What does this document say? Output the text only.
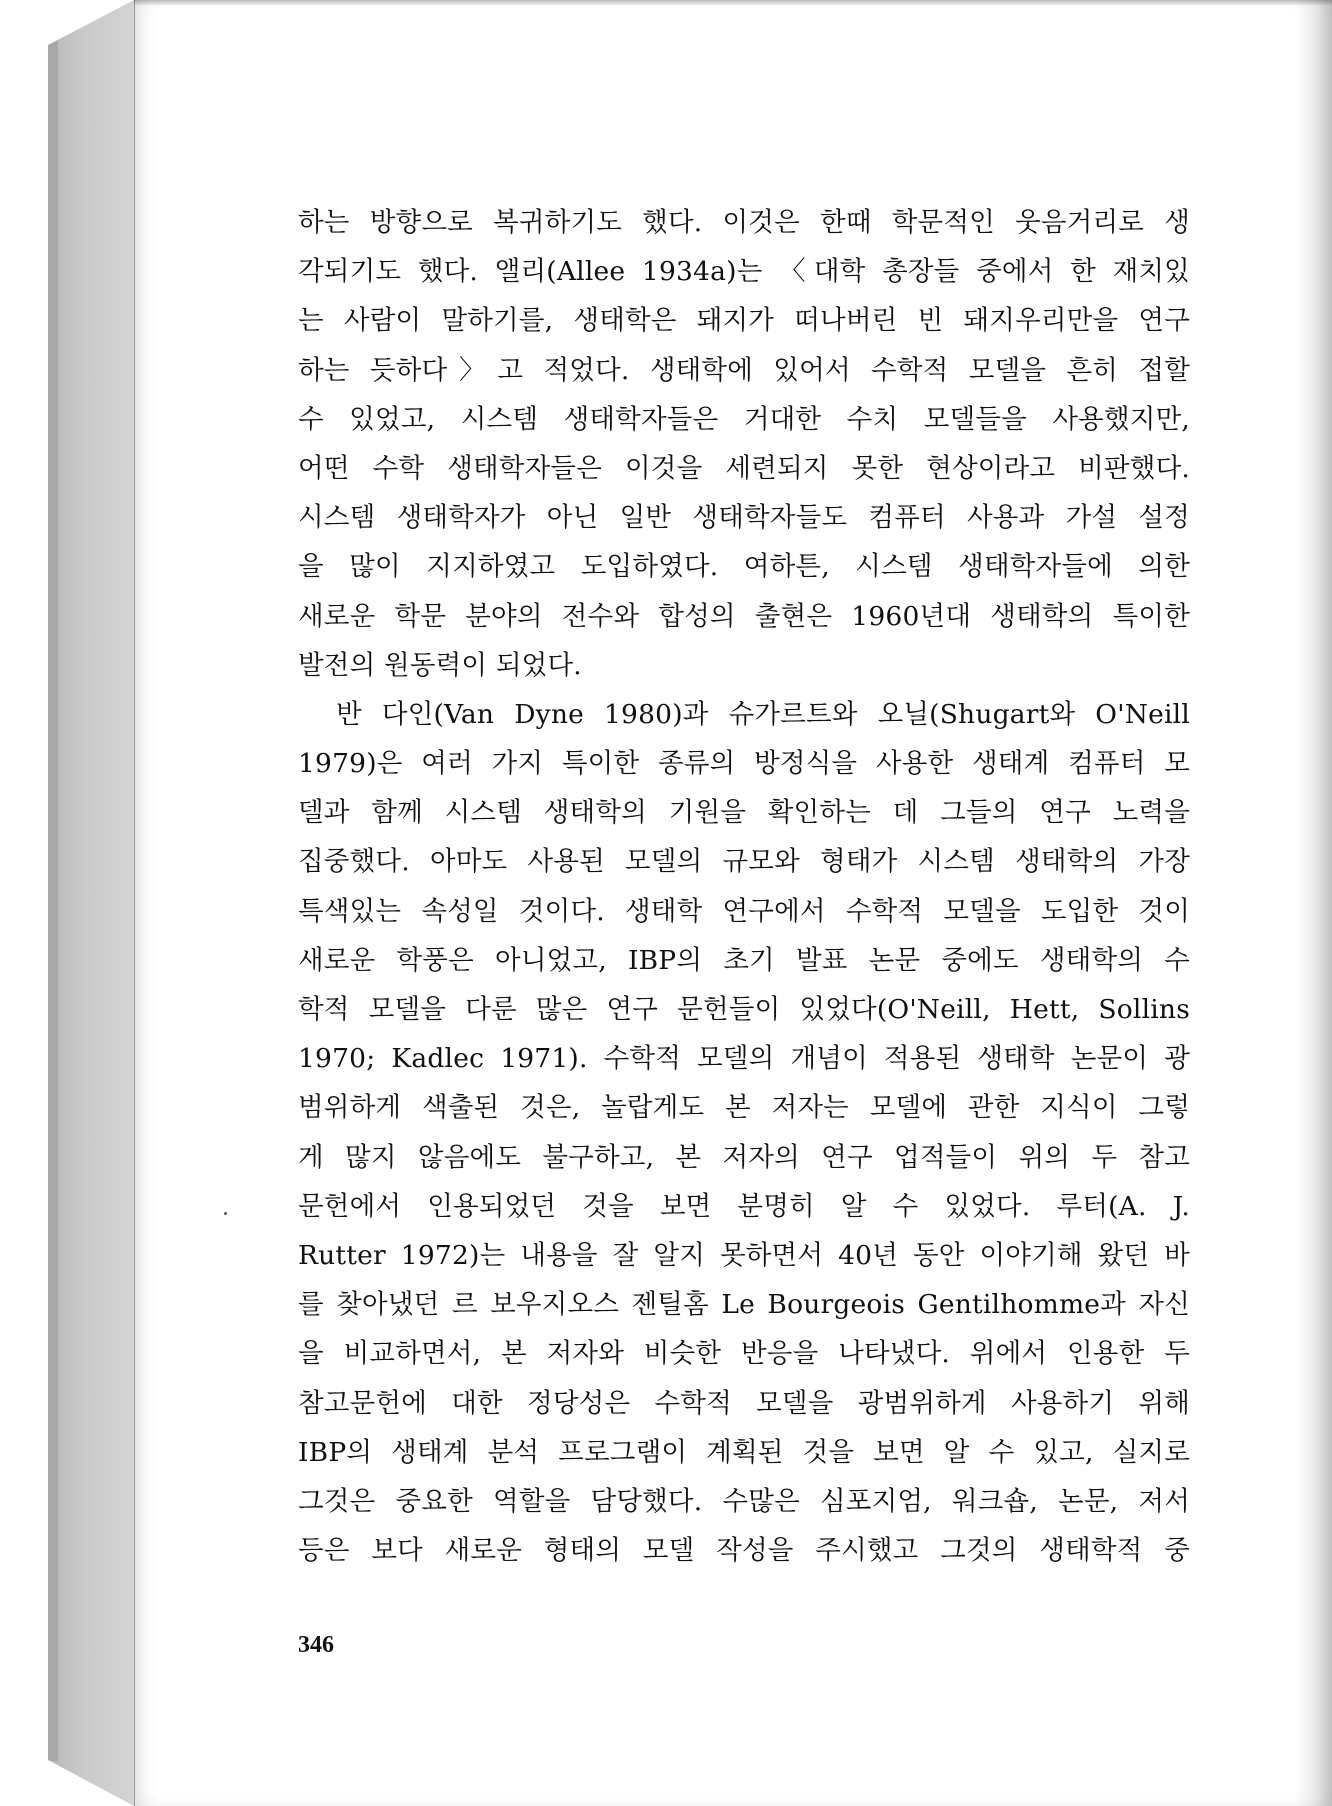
하는 방향으로 복귀하기도 했다. 이것은 한때 학문적인 웃음거리로 생
각되기도 했다. 앨리(Allee 1934a)는 〈대학 총장들 중에서 한 재치있
는 사람이 말하기를, 생태학은 돼지가 떠나버린 빈 돼지우리만을 연구
하는 듯하다〉고 적었다. 생태학에 있어서 수학적 모델을 흔히 접할
수 있었고, 시스템 생태학자들은 거대한 수치 모델들을 사용했지만,
어떤 수학 생태학자들은 이것을 세련되지 못한 현상이라고 비판했다.
시스템 생태학자가 아닌 일반 생태학자들도 컴퓨터 사용과 가설 설정
을 많이 지지하였고 도입하였다. 여하튼, 시스템 생태학자들에 의한
새로운 학문 분야의 전수와 합성의 출현은 1960년대 생태학의 특이한
발전의 원동력이 되었다.
　반 다인(Van Dyne 1980)과 슈가르트와 오닐(Shugart와 O'Neill
1979)은 여러 가지 특이한 종류의 방정식을 사용한 생태계 컴퓨터 모
델과 함께 시스템 생태학의 기원을 확인하는 데 그들의 연구 노력을
집중했다. 아마도 사용된 모델의 규모와 형태가 시스템 생태학의 가장
특색있는 속성일 것이다. 생태학 연구에서 수학적 모델을 도입한 것이
새로운 학풍은 아니었고, IBP의 초기 발표 논문 중에도 생태학의 수
학적 모델을 다룬 많은 연구 문헌들이 있었다(O'Neill, Hett, Sollins
1970; Kadlec 1971). 수학적 모델의 개념이 적용된 생태학 논문이 광
범위하게 색출된 것은, 놀랍게도 본 저자는 모델에 관한 지식이 그렇
게 많지 않음에도 불구하고, 본 저자의 연구 업적들이 위의 두 참고
문헌에서 인용되었던 것을 보면 분명히 알 수 있었다. 루터(A. J.
Rutter 1972)는 내용을 잘 알지 못하면서 40년 동안 이야기해 왔던 바
를 찾아냈던 르 보우지오스 젠틸홈 Le Bourgeois Gentilhomme과 자신
을 비교하면서, 본 저자와 비슷한 반응을 나타냈다. 위에서 인용한 두
참고문헌에 대한 정당성은 수학적 모델을 광범위하게 사용하기 위해
IBP의 생태계 분석 프로그램이 계획된 것을 보면 알 수 있고, 실지로
그것은 중요한 역할을 담당했다. 수많은 심포지엄, 워크숍, 논문, 저서
등은 보다 새로운 형태의 모델 작성을 주시했고 그것의 생태학적 중
346
